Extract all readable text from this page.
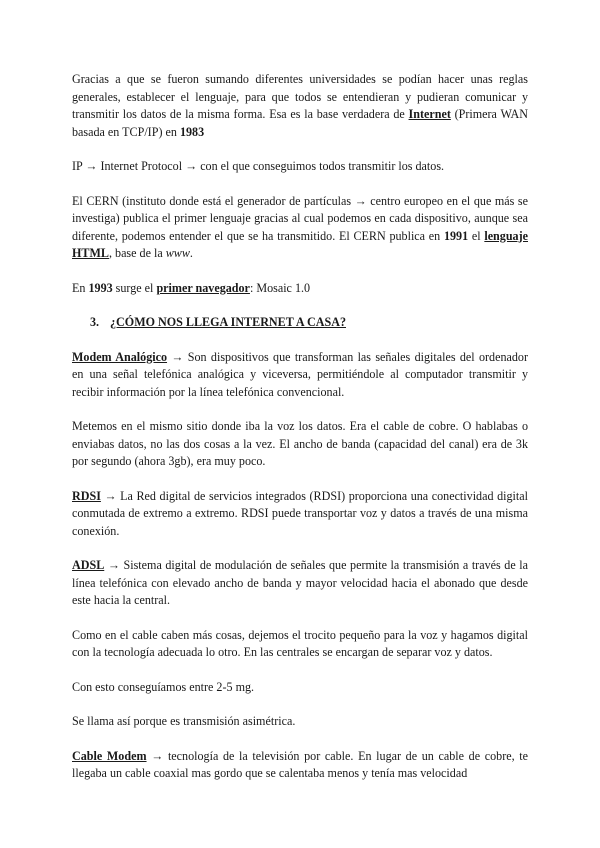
Gracias a que se fueron sumando diferentes universidades se podían hacer unas reglas generales, establecer el lenguaje, para que todos se entendieran y pudieran comunicar y transmitir los datos de la misma forma. Esa es la base verdadera de Internet (Primera WAN basada en TCP/IP) en 1983

IP → Internet Protocol → con el que conseguimos todos transmitir los datos.

El CERN (instituto donde está el generador de partículas → centro europeo en el que más se investiga) publica el primer lenguaje gracias al cual podemos en cada dispositivo, aunque sea diferente, podemos entender el que se ha transmitido. El CERN publica en 1991 el lenguaje HTML, base de la www.

En 1993 surge el primer navegador: Mosaic 1.0

3. ¿CÓMO NOS LLEGA INTERNET A CASA?

Modem Analógico → Son dispositivos que transforman las señales digitales del ordenador en una señal telefónica analógica y viceversa, permitiéndole al computador transmitir y recibir información por la línea telefónica convencional.

Metemos en el mismo sitio donde iba la voz los datos. Era el cable de cobre. O hablabas o enviabas datos, no las dos cosas a la vez. El ancho de banda (capacidad del canal) era de 3k por segundo (ahora 3gb), era muy poco.

RDSI → La Red digital de servicios integrados (RDSI) proporciona una conectividad digital conmutada de extremo a extremo. RDSI puede transportar voz y datos a través de una misma conexión.

ADSL → Sistema digital de modulación de señales que permite la transmisión a través de la línea telefónica con elevado ancho de banda y mayor velocidad hacia el abonado que desde este hacia la central.

Como en el cable caben más cosas, dejemos el trocito pequeño para la voz y hagamos digital con la tecnología adecuada lo otro. En las centrales se encargan de separar voz y datos.

Con esto conseguíamos entre 2-5 mg.

Se llama así porque es transmisión asimétrica.

Cable Modem → tecnología de la televisión por cable. En lugar de un cable de cobre, te llegaba un cable coaxial mas gordo que se calentaba menos y tenía mas velocidad
